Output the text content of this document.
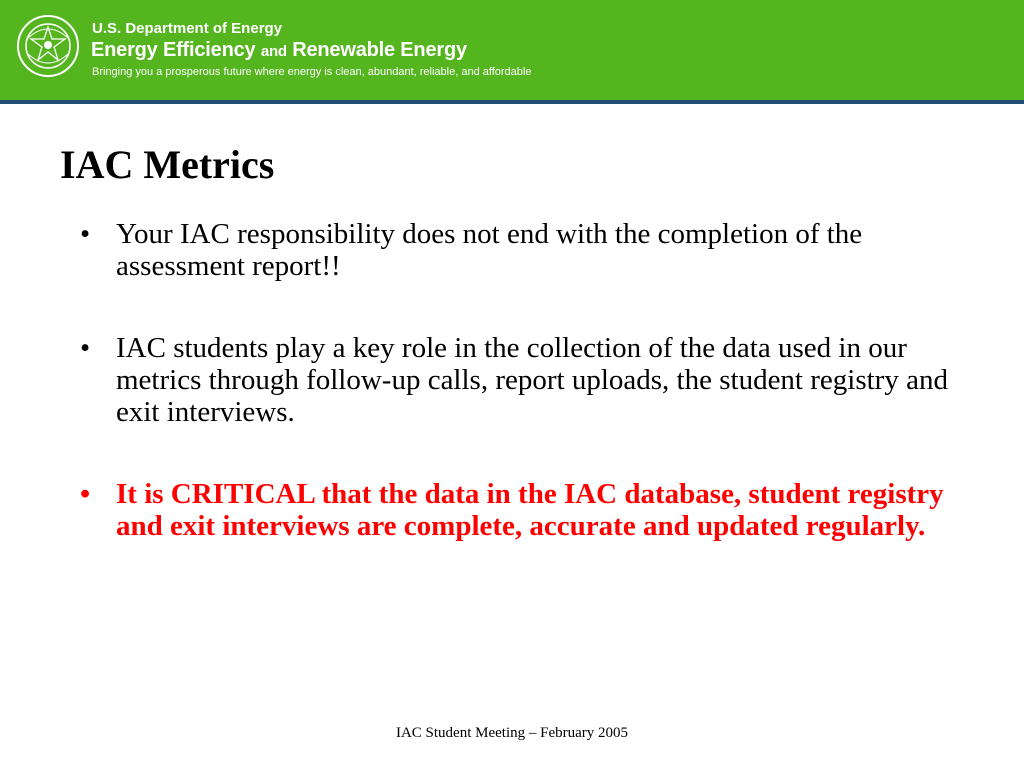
U.S. Department of Energy
Energy Efficiency and Renewable Energy
Bringing you a prosperous future where energy is clean, abundant, reliable, and affordable
IAC Metrics
• Your IAC responsibility does not end with the completion of the assessment report!!
• IAC students play a key role in the collection of the data used in our metrics through follow-up calls, report uploads, the student registry and exit interviews.
• It is CRITICAL that the data in the IAC database, student registry and exit interviews are complete, accurate and updated regularly.
IAC Student Meeting – February 2005
